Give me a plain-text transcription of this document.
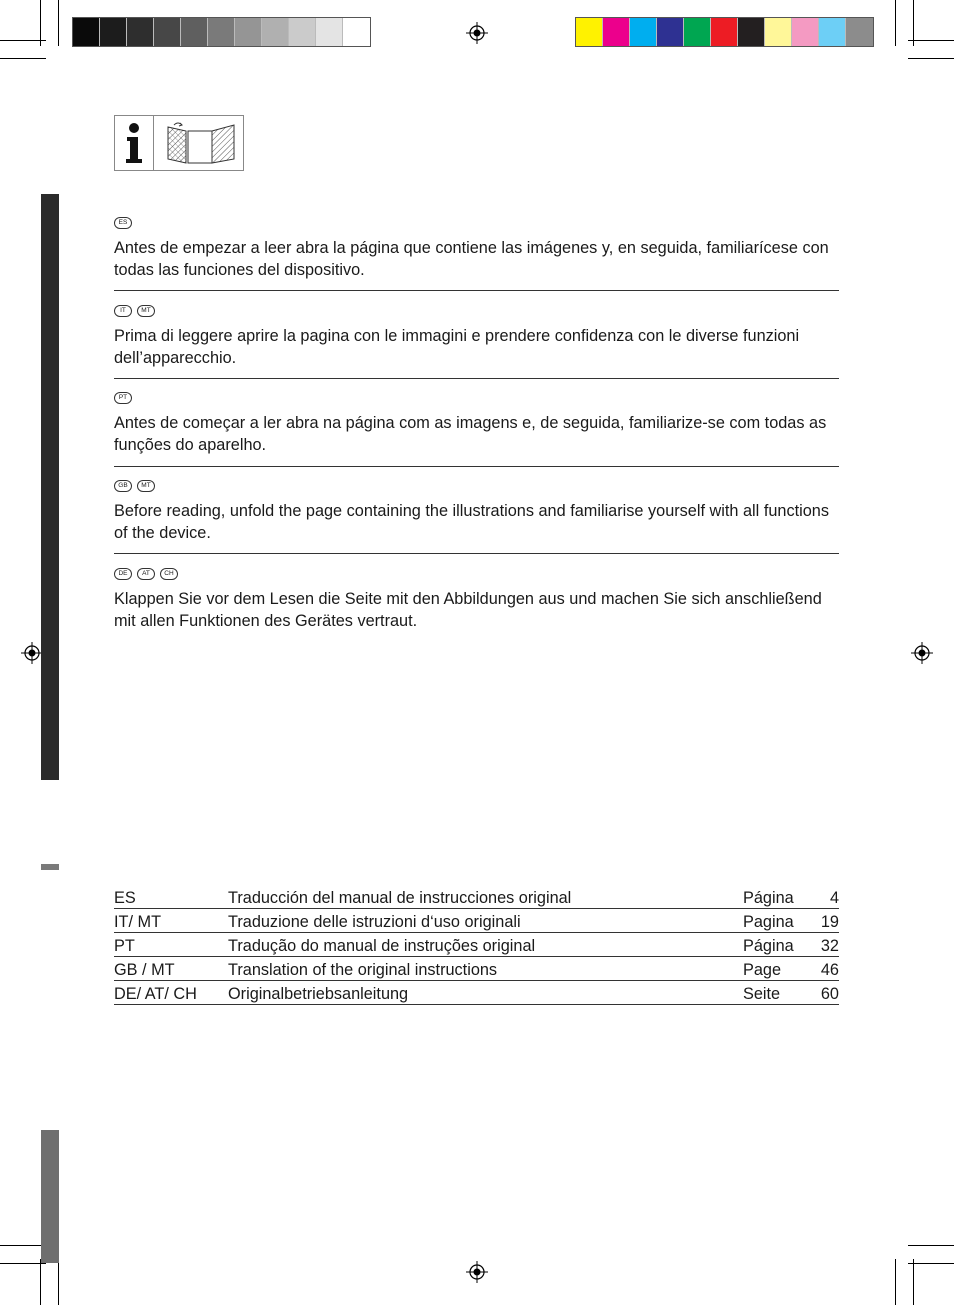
ES

Antes de empezar a leer abra la página que contiene las imágenes y, en seguida, familiarícese con todas las funciones del dispositivo.

IT	MT

Prima di leggere aprire la pagina con le immagini e prendere confidenza con le diverse funzioni dell’apparecchio.

PT

Antes de começar a ler abra na página com as imagens e, de seguida, familiarize-se com todas as funções do aparelho.

GB	MT

Before reading, unfold the page containing the illustrations and familiarise yourself with all functions of the device.

DE	AT	CH

Klappen Sie vor dem Lesen die Seite mit den Abbildungen aus und machen Sie sich anschließend mit allen Funktionen des Gerätes vertraut.

ES	Traducción del manual de instrucciones original	Página	4
IT/ MT	Traduzione delle istruzioni d‘uso originali	Pagina	19
PT	Tradução do manual de instruções original	Página	32
GB / MT	Translation of the original instructions	Page	46
DE/ AT/ CH	Originalbetriebsanleitung	Seite	60
